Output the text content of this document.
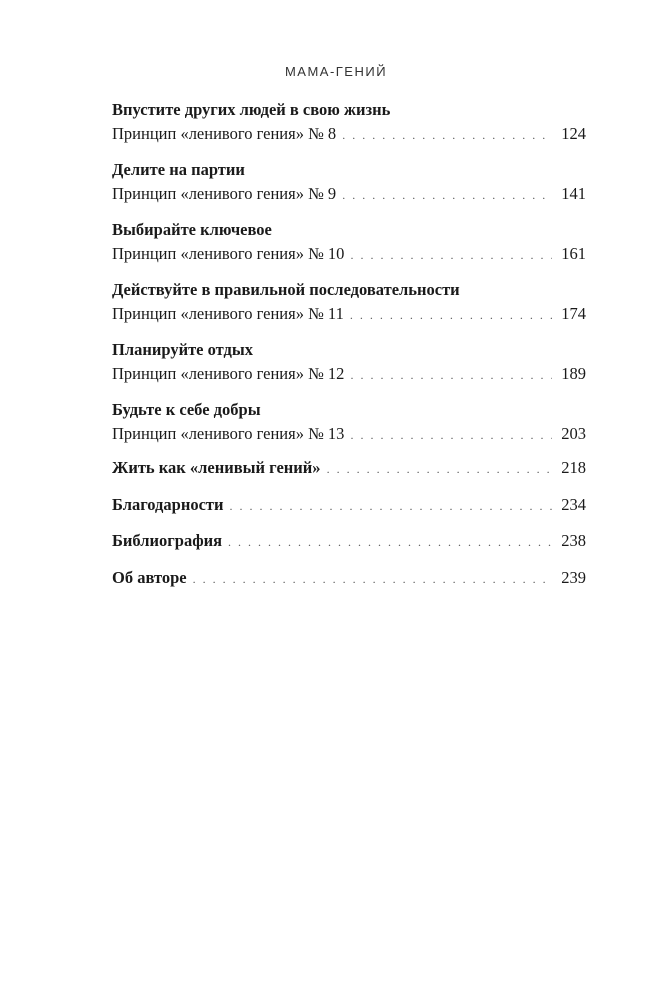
МАМА-ГЕНИЙ
Впустите других людей в свою жизнь
Принцип «ленивого гения» № 8 . . .	124
Делите на партии
Принцип «ленивого гения» № 9 . . .	141
Выбирайте ключевое
Принцип «ленивого гения» № 10 . . .	161
Действуйте в правильной последовательности
Принцип «ленивого гения» № 11 . . .	174
Планируйте отдых
Принцип «ленивого гения» № 12 . . .	189
Будьте к себе добры
Принцип «ленивого гения» № 13 . . .	203
Жить как «ленивый гений» . . .	218
Благодарности . . .	234
Библиография . . .	238
Об авторе . . .	239
